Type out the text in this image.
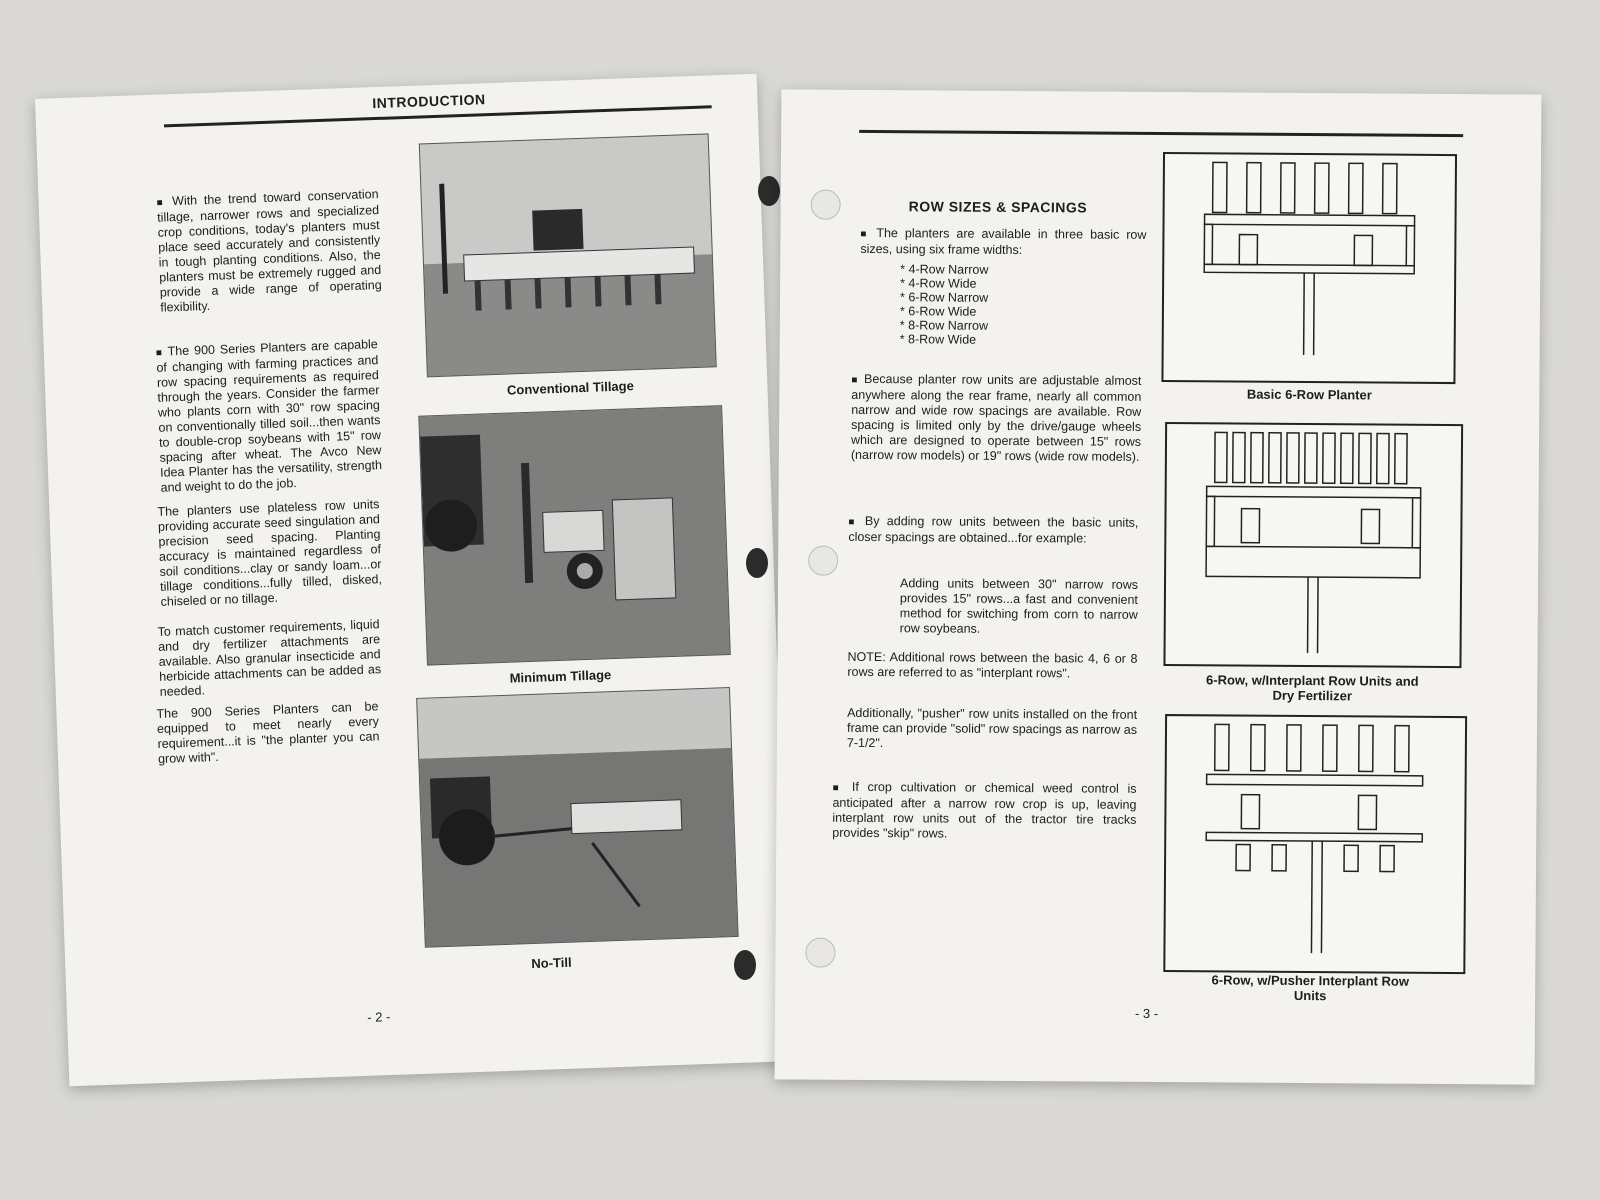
INTRODUCTION
■ With the trend toward conservation tillage, narrower rows and specialized crop conditions, today's planters must place seed accurately and consistently in tough planting conditions. Also, the planters must be extremely rugged and provide a wide range of operating flexibility.
■ The 900 Series Planters are capable of changing with farming practices and row spacing requirements as required through the years. Consider the farmer who plants corn with 30" row spacing on conventionally tilled soil...then wants to double-crop soybeans with 15" row spacing after wheat. The Avco New Idea Planter has the versatility, strength and weight to do the job.
The planters use plateless row units providing accurate seed singulation and precision seed spacing. Planting accuracy is maintained regardless of soil conditions...clay or sandy loam...or tillage conditions...fully tilled, disked, chiseled or no tillage.
To match customer requirements, liquid and dry fertilizer attachments are available. Also granular insecticide and herbicide attachments can be added as needed.
The 900 Series Planters can be equipped to meet nearly every requirement...it is "the planter you can grow with".
Conventional Tillage
Minimum Tillage
No-Till
- 2 -
ROW SIZES & SPACINGS
■ The planters are available in three basic row sizes, using six frame widths:
* 4-Row Narrow
* 4-Row Wide
* 6-Row Narrow
* 6-Row Wide
* 8-Row Narrow
* 8-Row Wide
■ Because planter row units are adjustable almost anywhere along the rear frame, nearly all common narrow and wide row spacings are available. Row spacing is limited only by the drive/gauge wheels which are designed to operate between 15" rows (narrow row models) or 19" rows (wide row models).
■ By adding row units between the basic units, closer spacings are obtained...for example:
Adding units between 30" narrow rows provides 15" rows...a fast and convenient method for switching from corn to narrow row soybeans.
NOTE: Additional rows between the basic 4, 6 or 8 rows are referred to as "interplant rows".
Additionally, "pusher" row units installed on the front frame can provide "solid" row spacings as narrow as 7-1/2".
■ If crop cultivation or chemical weed control is anticipated after a narrow row crop is up, leaving interplant row units out of the tractor tire tracks provides "skip" rows.
Basic 6-Row Planter
6-Row, w/Interplant Row Units and Dry Fertilizer
6-Row, w/Pusher Interplant Row Units
- 3 -
